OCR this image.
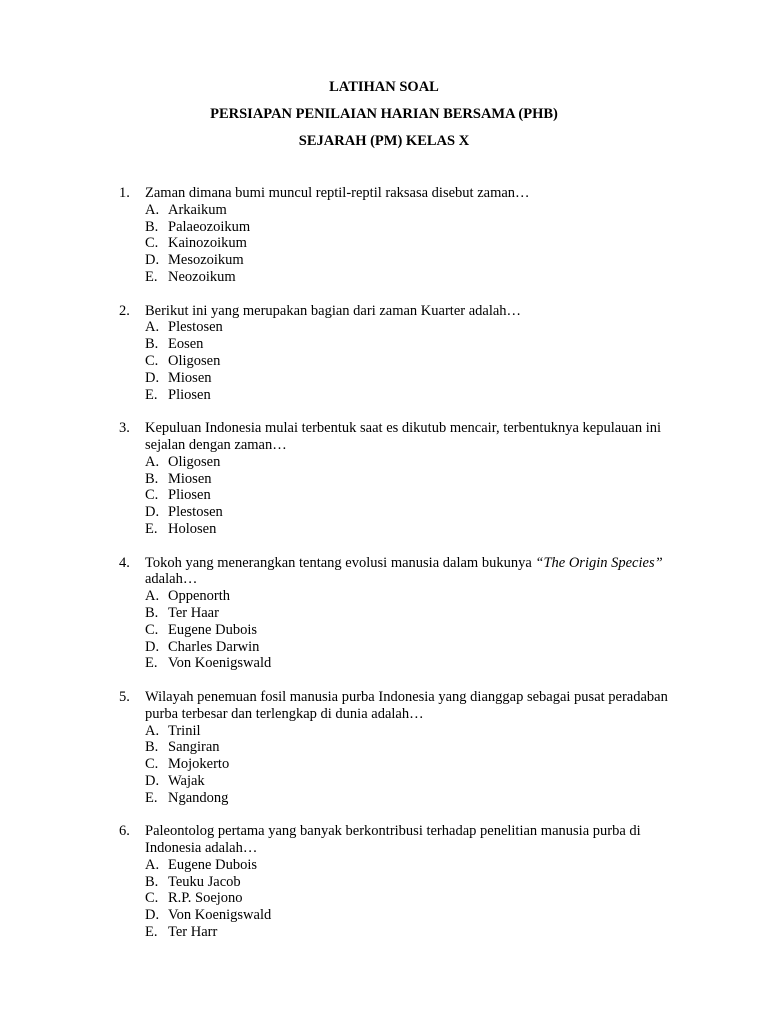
LATIHAN SOAL
PERSIAPAN PENILAIAN HARIAN BERSAMA (PHB)
SEJARAH (PM) KELAS X
1.	Zaman dimana bumi muncul reptil-reptil raksasa disebut zaman…
A. Arkaikum
B. Palaeozoikum
C. Kainozoikum
D. Mesozoikum
E. Neozoikum
2.	Berikut ini yang merupakan bagian dari zaman Kuarter adalah…
A. Plestosen
B. Eosen
C. Oligosen
D. Miosen
E. Pliosen
3.	Kepuluan Indonesia mulai terbentuk saat es dikutub mencair, terbentuknya kepulauan ini sejalan dengan zaman…
A. Oligosen
B. Miosen
C. Pliosen
D. Plestosen
E. Holosen
4.	Tokoh yang menerangkan tentang evolusi manusia dalam bukunya “The Origin Species” adalah…
A. Oppenorth
B. Ter Haar
C. Eugene Dubois
D. Charles Darwin
E. Von Koenigswald
5.	Wilayah penemuan fosil manusia purba Indonesia yang dianggap sebagai pusat peradaban purba terbesar dan terlengkap di dunia adalah…
A. Trinil
B. Sangiran
C. Mojokerto
D. Wajak
E. Ngandong
6.	Paleontolog pertama yang banyak berkontribusi terhadap penelitian manusia purba di Indonesia adalah…
A. Eugene Dubois
B. Teuku Jacob
C. R.P. Soejono
D. Von Koenigswald
E. Ter Harr
